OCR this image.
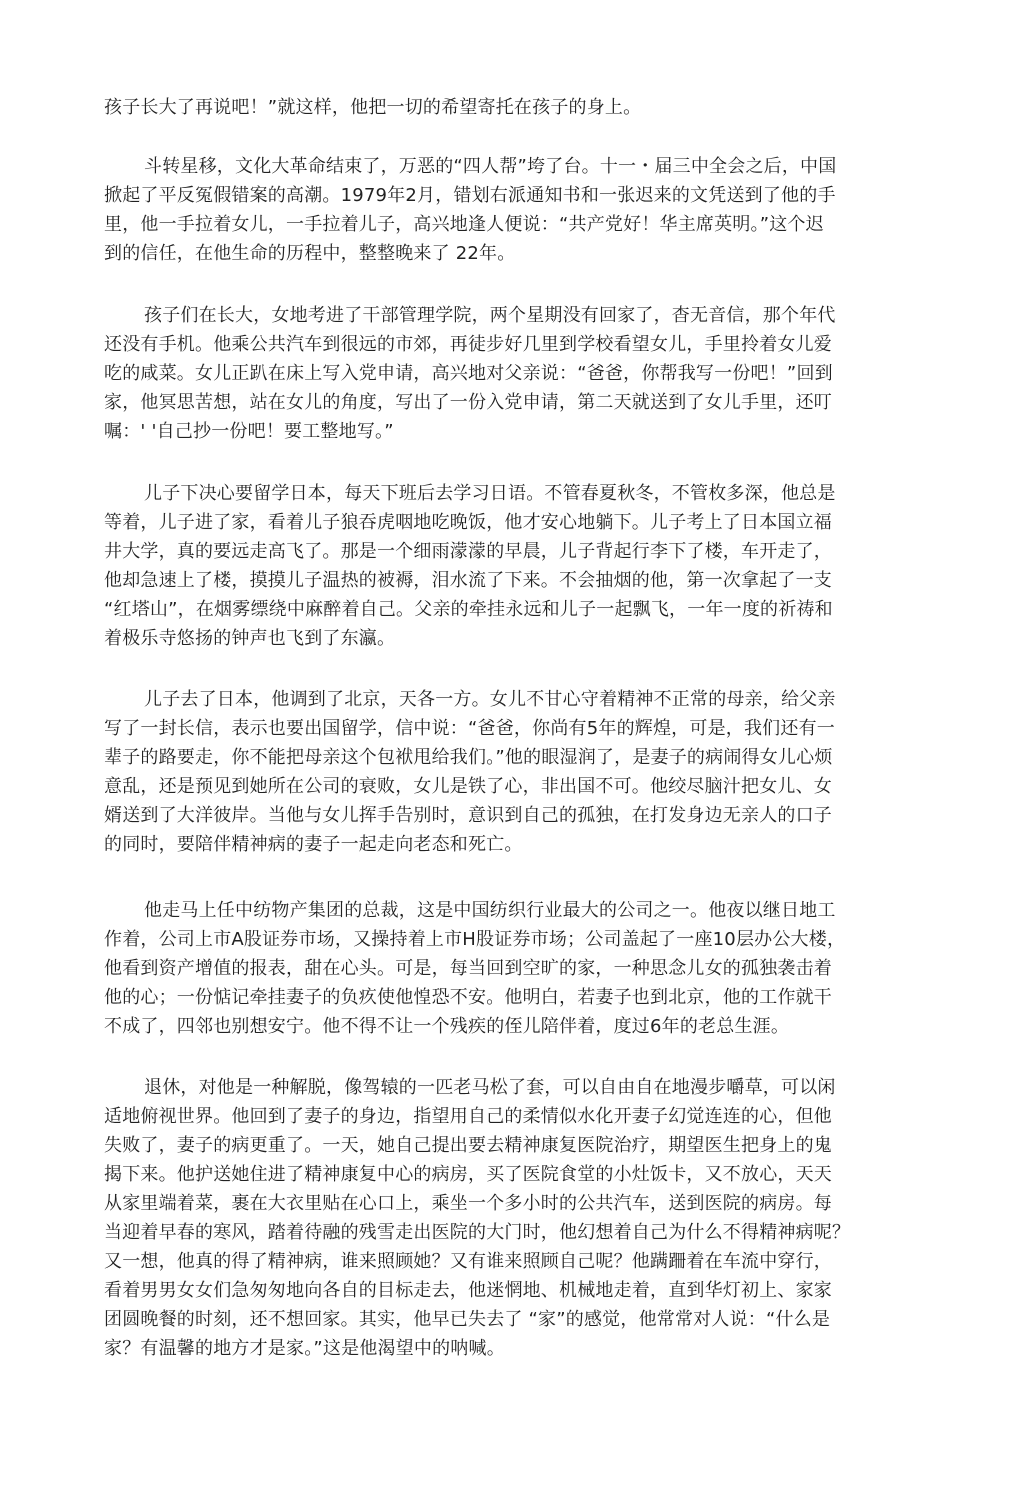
孩子长大了再说吧！”就这样，他把一切的希望寄托在孩子的身上。
斗转星移，文化大革命结束了，万恶的“四人帮”垮了台。十一・届三中全会之后，中国
掀起了平反冤假错案的高潮。1979年2月，错划右派通知书和一张迟来的文凭送到了他的手
里，他一手拉着女儿，一手拉着儿子，高兴地逢人便说：“共产党好！华主席英明。”这个迟
到的信任，在他生命的历程中，整整晚来了 22年。
孩子们在长大，女地考进了干部管理学院，两个星期没有回家了，杳无音信，那个年代
还没有手机。他乘公共汽车到很远的市郊，再徒步好几里到学校看望女儿，手里拎着女儿爱
吃的咸菜。女儿正趴在床上写入党申请，高兴地对父亲说：“爸爸，你帮我写一份吧！”回到
家，他冥思苦想，站在女儿的角度，写出了一份入党申请，第二天就送到了女儿手里，还叮
嘱：' '自己抄一份吧！要工整地写。”
儿子下决心要留学日本，每天下班后去学习日语。不管春夏秋冬，不管枚多深，他总是
等着，儿子进了家，看着儿子狼吞虎咽地吃晚饭，他才安心地躺下。儿子考上了日本国立福
井大学，真的要远走高飞了。那是一个细雨濛濛的早晨，儿子背起行李下了楼，车开走了，
他却急速上了楼，摸摸儿子温热的被褥，泪水流了下来。不会抽烟的他，第一次拿起了一支
“红塔山”，在烟雾缥绕中麻醉着自己。父亲的牵挂永远和儿子一起飘飞，一年一度的祈祷和
着极乐寺悠扬的钟声也飞到了东瀛。
儿子去了日本，他调到了北京，天各一方。女儿不甘心守着精神不正常的母亲，给父亲
写了一封长信，表示也要出国留学，信中说：“爸爸，你尚有5年的辉煌，可是，我们还有一
辈子的路要走，你不能把母亲这个包袱甩给我们。”他的眼湿润了，是妻子的病闹得女儿心烦
意乱，还是预见到她所在公司的衰败，女儿是铁了心，非出国不可。他绞尽脑汁把女儿、女
婿送到了大洋彼岸。当他与女儿挥手告别时，意识到自己的孤独，在打发身边无亲人的口子
的同时，要陪伴精神病的妻子一起走向老态和死亡。
他走马上任中纺物产集团的总裁，这是中国纺织行业最大的公司之一。他夜以继日地工
作着，公司上市A股证券市场，又操持着上市H股证券市场；公司盖起了一座10层办公大楼，
他看到资产增值的报表，甜在心头。可是，每当回到空旷的家，一种思念儿女的孤独袭击着
他的心；一份惦记牵挂妻子的负疚使他惶恐不安。他明白，若妻子也到北京，他的工作就干
不成了，四邻也别想安宁。他不得不让一个残疾的侄儿陪伴着，度过6年的老总生涯。
退休，对他是一种解脱，像驾辕的一匹老马松了套，可以自由自在地漫步嚼草，可以闲
适地俯视世界。他回到了妻子的身边，指望用自己的柔情似水化开妻子幻觉连连的心，但他
失败了，妻子的病更重了。一天，她自己提出要去精神康复医院治疗，期望医生把身上的鬼
揭下来。他护送她住进了精神康复中心的病房，买了医院食堂的小灶饭卡，又不放心，天天
从家里端着菜，裹在大衣里贴在心口上，乘坐一个多小时的公共汽车，送到医院的病房。每
当迎着早春的寒风，踏着待融的残雪走出医院的大门时，他幻想着自己为什么不得精神病呢？
又一想，他真的得了精神病，谁来照顾她？又有谁来照顾自己呢？他蹒跚着在车流中穿行，
看着男男女女们急匆匆地向各自的目标走去，他迷惘地、机械地走着，直到华灯初上、家家
团圆晚餐的时刻，还不想回家。其实，他早已失去了 “家”的感觉，他常常对人说：“什么是
家？有温馨的地方才是家。”这是他渴望中的呐喊。
